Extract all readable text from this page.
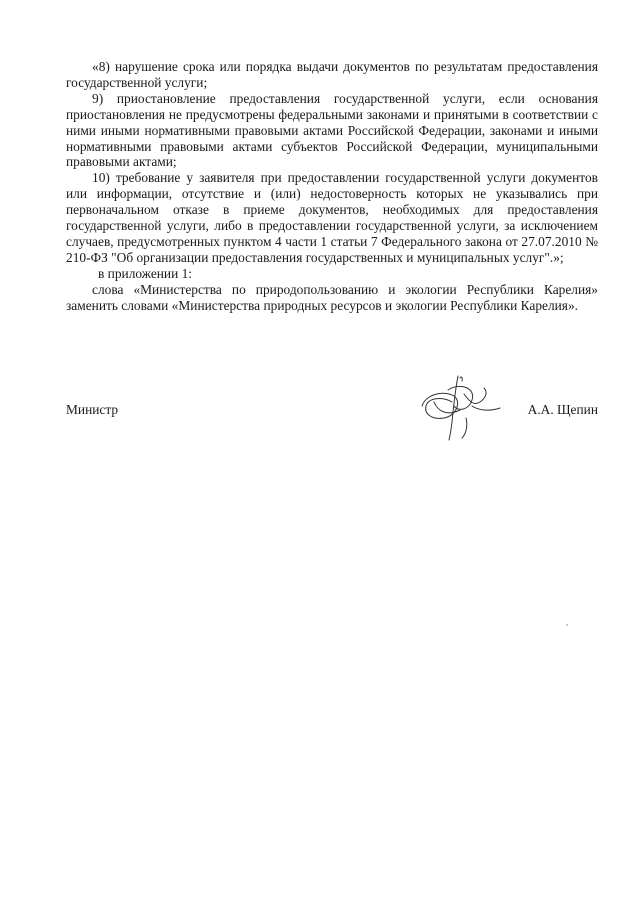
«8) нарушение срока или порядка выдачи документов по результатам предоставления государственной услуги;

9) приостановление предоставления государственной услуги, если основания приостановления не предусмотрены федеральными законами и принятыми в соответствии с ними иными нормативными правовыми актами Российской Федерации, законами и иными нормативными правовыми актами субъектов Российской Федерации, муниципальными правовыми актами;

10) требование у заявителя при предоставлении государственной услуги документов или информации, отсутствие и (или) недостоверность которых не указывались при первоначальном отказе в приеме документов, необходимых для предоставления государственной услуги, либо в предоставлении государственной услуги, за исключением случаев, предусмотренных пунктом 4 части 1 статьи 7 Федерального закона от 27.07.2010 № 210-ФЗ "Об организации предоставления государственных и муниципальных услуг".»;

в приложении 1:

слова «Министерства по природопользованию и экологии Республики Карелия» заменить словами «Министерства природных ресурсов и экологии Республики Карелия».

Министр	А.А. Щепин
